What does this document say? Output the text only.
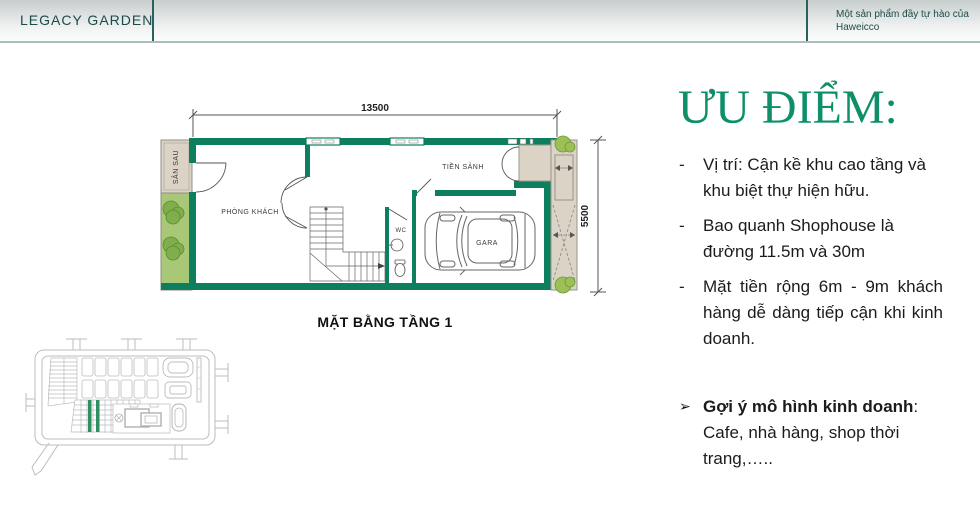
LEGACY GARDEN	Một sản phẩm đầy tự hào của
Haweicco
13500
5500
SÂN SAU
PHÒNG KHÁCH
TIỀN SẢNH
WC
GARA
MẶT BẰNG TẦNG 1
ƯU ĐIỂM:
-	Vị trí: Cận kề khu cao tầng và khu biệt thự hiện hữu.
-	Bao quanh Shophouse là đường 11.5m và 30m
-	Mặt tiền rộng 6m - 9m khách hàng dễ dàng tiếp cận khi kinh doanh.
➢ Gợi ý mô hình kinh doanh: Cafe, nhà hàng, shop thời trang,…..
